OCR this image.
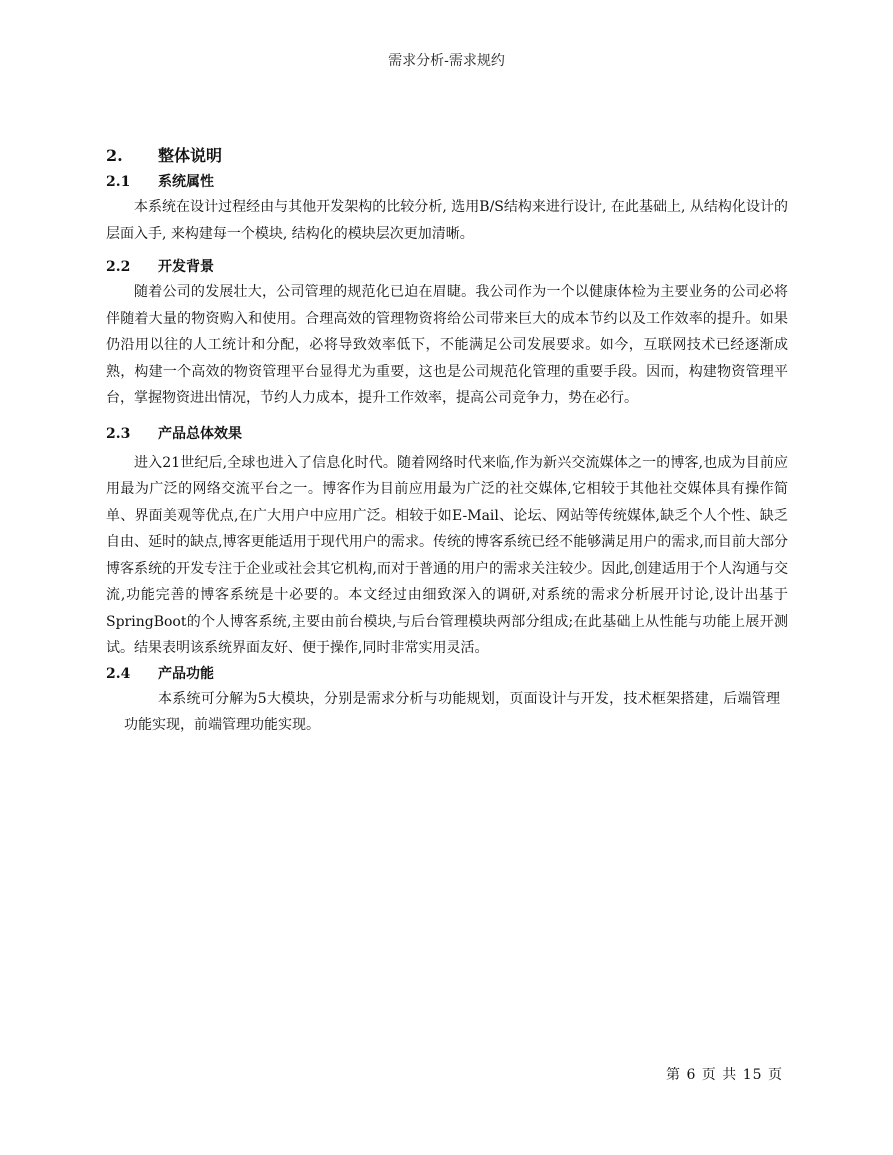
需求分析-需求规约
2.	整体说明
2.1	系统属性

本系统在设计过程经由与其他开发架构的比较分析, 选用B/S结构来进行设计, 在此基础上, 从结构化设计的层面入手, 来构建每一个模块, 结构化的模块层次更加清晰。

2.2	开发背景

随着公司的发展壮大，公司管理的规范化已迫在眉睫。我公司作为一个以健康体检为主要业务的公司必将伴随着大量的物资购入和使用。合理高效的管理物资将给公司带来巨大的成本节约以及工作效率的提升。如果仍沿用以往的人工统计和分配，必将导致效率低下，不能满足公司发展要求。如今，互联网技术已经逐渐成熟，构建一个高效的物资管理平台显得尤为重要，这也是公司规范化管理的重要手段。因而，构建物资管理平台，掌握物资进出情况，节约人力成本，提升工作效率，提高公司竞争力，势在必行。

2.3	产品总体效果

进入21世纪后,全球也进入了信息化时代。随着网络时代来临,作为新兴交流媒体之一的博客,也成为目前应用最为广泛的网络交流平台之一。博客作为目前应用最为广泛的社交媒体,它相较于其他社交媒体具有操作简单、界面美观等优点,在广大用户中应用广泛。相较于如E-Mail、论坛、网站等传统媒体,缺乏个人个性、缺乏自由、延时的缺点,博客更能适用于现代用户的需求。传统的博客系统已经不能够满足用户的需求,而目前大部分博客系统的开发专注于企业或社会其它机构,而对于普通的用户的需求关注较少。因此,创建适用于个人沟通与交流,功能完善的博客系统是十必要的。本文经过由细致深入的调研,对系统的需求分析展开讨论,设计出基于SpringBoot的个人博客系统,主要由前台模块,与后台管理模块两部分组成;在此基础上从性能与功能上展开测试。结果表明该系统界面友好、便于操作,同时非常实用灵活。

2.4	产品功能

本系统可分解为5大模块，分别是需求分析与功能规划，页面设计与开发，技术框架搭建，后端管理功能实现，前端管理功能实现。

第 6 页 共 15 页
